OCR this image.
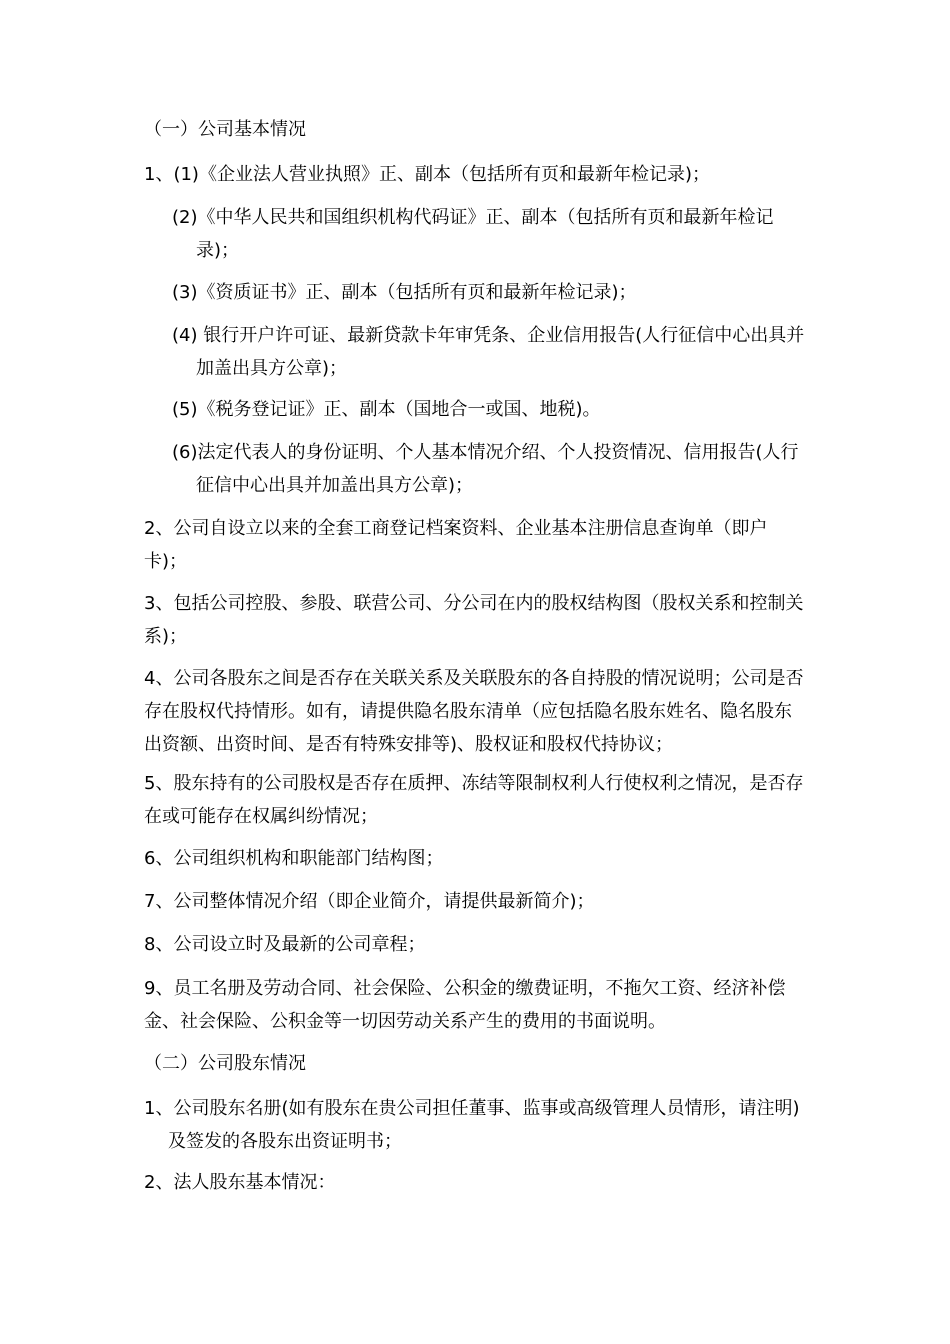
（一）公司基本情况

1、(1)《企业法人营业执照》正、副本（包括所有页和最新年检记录)；

(2)《中华人民共和国组织机构代码证》正、副本（包括所有页和最新年检记录)；

(3)《资质证书》正、副本（包括所有页和最新年检记录)；

(4) 银行开户许可证、最新贷款卡年审凭条、企业信用报告(人行征信中心出具并加盖出具方公章)；

(5)《税务登记证》正、副本（国地合一或国、地税)。

(6)法定代表人的身份证明、个人基本情况介绍、个人投资情况、信用报告(人行征信中心出具并加盖出具方公章)；

2、公司自设立以来的全套工商登记档案资料、企业基本注册信息查询单（即户卡)；

3、包括公司控股、参股、联营公司、分公司在内的股权结构图（股权关系和控制关系)；

4、公司各股东之间是否存在关联关系及关联股东的各自持股的情况说明；公司是否存在股权代持情形。如有，请提供隐名股东清单（应包括隐名股东姓名、隐名股东出资额、出资时间、是否有特殊安排等)、股权证和股权代持协议；

5、股东持有的公司股权是否存在质押、冻结等限制权利人行使权利之情况，是否存在或可能存在权属纠纷情况；

6、公司组织机构和职能部门结构图；

7、公司整体情况介绍（即企业简介，请提供最新简介)；

8、公司设立时及最新的公司章程；

9、员工名册及劳动合同、社会保险、公积金的缴费证明，不拖欠工资、经济补偿金、社会保险、公积金等一切因劳动关系产生的费用的书面说明。

（二）公司股东情况

1、公司股东名册(如有股东在贵公司担任董事、监事或高级管理人员情形，请注明)及签发的各股东出资证明书；

2、法人股东基本情况：
